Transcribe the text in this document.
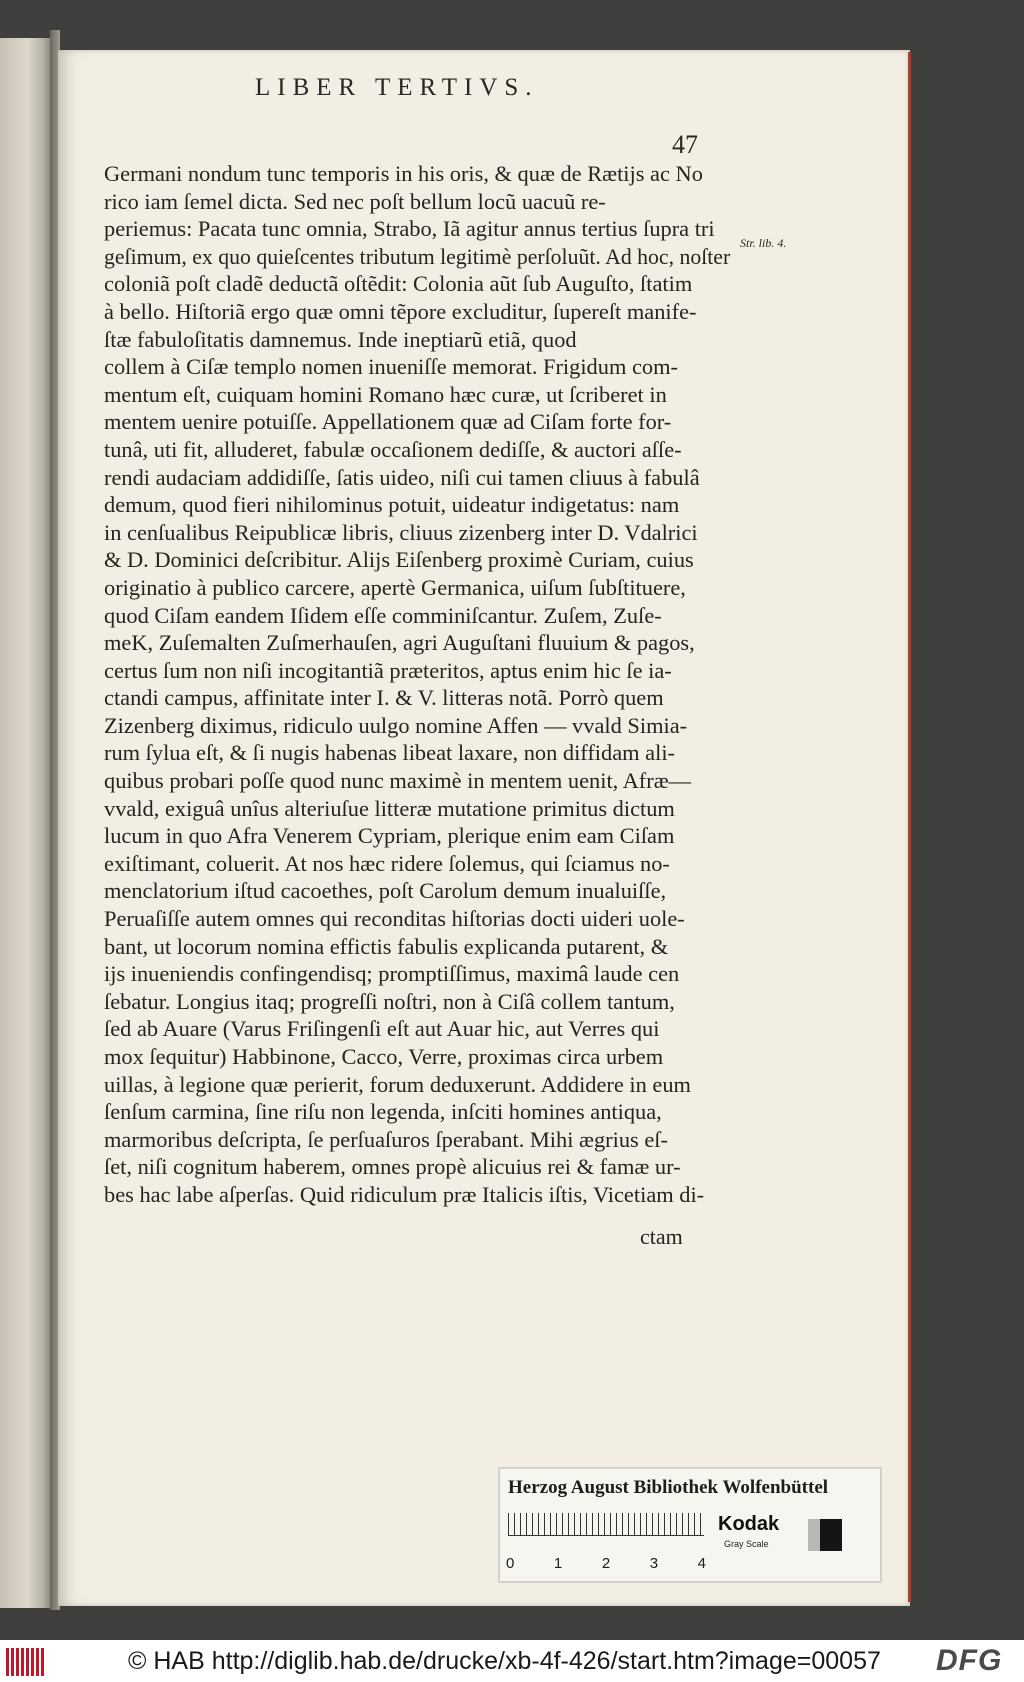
LIBER TERTIVS.
47
Str. lib. 4.
Germani nondum tunc temporis in his oris, & quæ de Rætijs ac No
rico iam ſemel dicta. Sed nec poſt bellum locũ uacuũ re-
periemus: Pacata tunc omnia, Strabo, Iã agitur annus tertius ſupra tri
geſimum, ex quo quieſcentes tributum legitimè perſoluũt. Ad hoc, noſter
coloniã poſt cladẽ deductã oſtẽdit: Colonia aũt ſub Auguſto, ſtatim
à bello. Hiſtoriã ergo quæ omni tẽpore excluditur, ſupereſt manife-
ſtæ fabuloſitatis damnemus. Inde ineptiarũ etiã, quod
collem à Ciſæ templo nomen inueniſſe memorat. Frigidum com-
mentum eſt, cuiquam homini Romano hæc curæ, ut ſcriberet in
mentem uenire potuiſſe. Appellationem quæ ad Ciſam forte for-
tunâ, uti fit, alluderet, fabulæ occaſionem dediſſe, & auctori aſſe-
rendi audaciam addidiſſe, ſatis uideo, niſi cui tamen cliuus à fabulâ
demum, quod fieri nihilominus potuit, uideatur indigetatus: nam
in cenſualibus Reipublicæ libris, cliuus zizenberg inter D. Vdalrici
& D. Dominici deſcribitur. Alijs Eiſenberg proximè Curiam, cuius
originatio à publico carcere, apertè Germanica, uiſum ſubſtituere,
quod Ciſam eandem Iſidem eſſe comminiſcantur. Zuſem, Zuſe-
meK, Zuſemalten Zuſmerhauſen, agri Auguſtani fluuium & pagos,
certus ſum non niſi incogitantiã præteritos, aptus enim hic ſe ia-
ctandi campus, affinitate inter I. & V. litteras notã. Porrò quem
Zizenberg diximus, ridiculo uulgo nomine Affen — vvald Simia-
rum ſylua eſt, & ſi nugis habenas libeat laxare, non diffidam ali-
quibus probari poſſe quod nunc maximè in mentem uenit, Afræ—
vvald, exiguâ unîus alteriuſue litteræ mutatione primitus dictum
lucum in quo Afra Venerem Cypriam, plerique enim eam Ciſam
exiſtimant, coluerit. At nos hæc ridere ſolemus, qui ſciamus no-
menclatorium iſtud cacoethes, poſt Carolum demum inualuiſſe,
Peruaſiſſe autem omnes qui reconditas hiſtorias docti uideri uole-
bant, ut locorum nomina effictis fabulis explicanda putarent, &
ijs inueniendis confingendisq; promptiſſimus, maximâ laude cen
ſebatur. Longius itaq; progreſſi noſtri, non à Ciſâ collem tantum,
ſed ab Auare (Varus Friſingenſi eſt aut Auar hic, aut Verres qui
mox ſequitur) Habbinone, Cacco, Verre, proximas circa urbem
uillas, à legione quæ perierit, forum deduxerunt. Addidere in eum
ſenſum carmina, ſine riſu non legenda, inſciti homines antiqua,
marmoribus deſcripta, ſe perſuaſuros ſperabant. Mihi ægrius eſ-
ſet, niſi cognitum haberem, omnes propè alicuius rei & famæ ur-
bes hac labe aſperſas. Quid ridiculum præ Italicis iſtis, Vicetiam di-
ctam
Herzog August Bibliothek Wolfenbüttel
0	1	2	3	4
Kodak
Gray Scale
© HAB http://diglib.hab.de/drucke/xb-4f-426/start.htm?image=00057 DFG
